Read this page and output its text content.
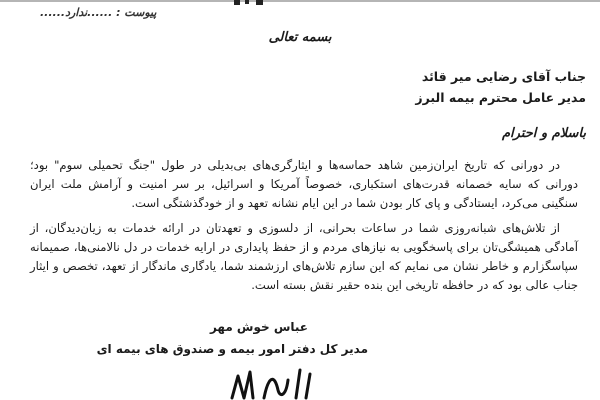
پیوست : ......ندارد......
بسمه تعالی
جناب آقای رضایی میر قائد
مدیر عامل محترم بیمه البرز
باسلام و احترام

در دورانی که تاریخ ایران‌زمین شاهد حماسه‌ها و ایثارگری‌های بی‌بدیلی در طول "جنگ تحمیلی سوم" بود؛ دورانی که سایه خصمانه قدرت‌های استکباری، خصوصاً آمریکا و اسرائیل، بر سر امنیت و آرامش ملت ایران سنگینی می‌کرد، ایستادگی و پای کار بودن شما در این ایام نشانه تعهد و از خودگذشتگی است.

از تلاش‌های شبانه‌روزی شما در ساعات بحرانی، از دلسوزی و تعهدتان در ارائه خدمات به زیان‌دیدگان، از آمادگی همیشگی‌تان برای پاسخگویی به نیازهای مردم و از حفظ پایداری در ارایه خدمات در دل نا‌لامنی‌ها، صمیمانه سپاسگزارم و خاطر نشان می نمایم که این سازم تلاش‌های ارزشمند شما، یادگاری ماندگار از تعهد، تخصص و ایثار جناب عالی بود که در حافظه تاریخی این بنده حقیر نقش بسته است.

عباس خوش مهر
مدیر کل دفتر امور بیمه و صندوق های بیمه ای
